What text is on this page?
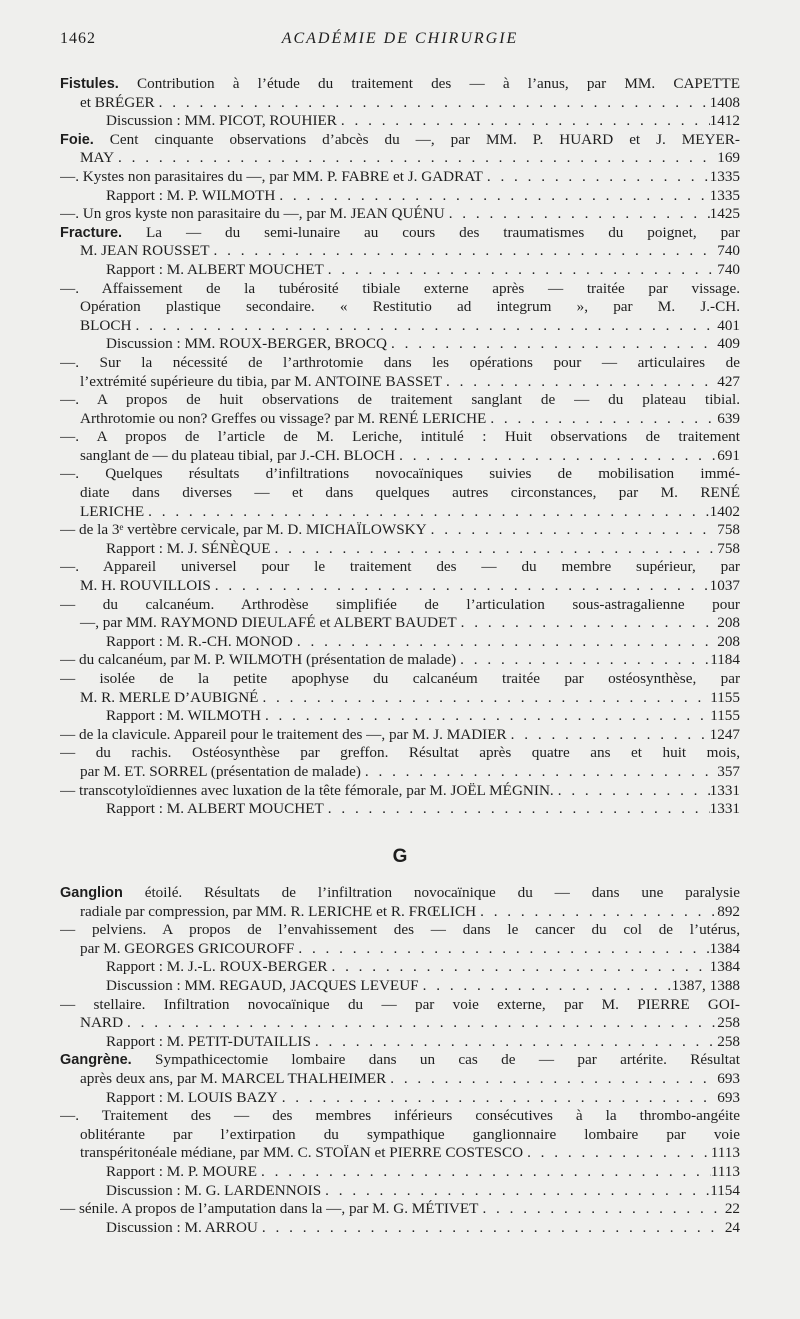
1462	ACADÉMIE DE CHIRURGIE
Fistules. Contribution à l’étude du traitement des — à l’anus, par MM. CAPETTE
et BRÉGER . . .	1408
Discussion : MM. PICOT, ROUHIER . . .	1412
Foie. Cent cinquante observations d’abcès du —, par MM. P. HUARD et J. MEYER-
MAY . . .	169
—. Kystes non parasitaires du —, par MM. P. FABRE et J. GADRAT . . .	1335
Rapport : M. P. WILMOTH . . .	1335
—. Un gros kyste non parasitaire du —, par M. JEAN QUÉNU . . .	1425
Fracture. La — du semi-lunaire au cours des traumatismes du poignet, par
M. JEAN ROUSSET . . .	740
Rapport : M. ALBERT MOUCHET . . .	740
—. Affaissement de la tubérosité tibiale externe après — traitée par vissage.
Opération plastique secondaire. « Restitutio ad integrum », par M. J.-CH.
BLOCH . . .	401
Discussion : MM. ROUX-BERGER, BROCQ . . .	409
—. Sur la nécessité de l’arthrotomie dans les opérations pour — articulaires de
l’extrémité supérieure du tibia, par M. ANTOINE BASSET . . .	427
—. A propos de huit observations de traitement sanglant de — du plateau tibial.
Arthrotomie ou non? Greffes ou vissage? par M. RENÉ LERICHE . . .	639
—. A propos de l’article de M. Leriche, intitulé : Huit observations de traitement
sanglant de — du plateau tibial, par J.-CH. BLOCH . . .	691
—. Quelques résultats d’infiltrations novocaïniques suivies de mobilisation immé-
diate dans diverses — et dans quelques autres circonstances, par M. RENÉ
LERICHE . . .	1402
— de la 3ᵉ vertèbre cervicale, par M. D. MICHAÏLOWSKY . . .	758
Rapport : M. J. SÉNÈQUE . . .	758
—. Appareil universel pour le traitement des — du membre supérieur, par
M. H. ROUVILLOIS . . .	1037
— du calcanéum. Arthrodèse simplifiée de l’articulation sous-astragalienne pour
—, par MM. RAYMOND DIEULAFÉ et ALBERT BAUDET . . .	208
Rapport : M. R.-CH. MONOD . . .	208
— du calcanéum, par M. P. WILMOTH (présentation de malade) . . .	1184
— isolée de la petite apophyse du calcanéum traitée par ostéosynthèse, par
M. R. MERLE D’AUBIGNÉ . . .	1155
Rapport : M. WILMOTH . . .	1155
— de la clavicule. Appareil pour le traitement des —, par M. J. MADIER . . .	1247
— du rachis. Ostéosynthèse par greffon. Résultat après quatre ans et huit mois,
par M. ET. SORREL (présentation de malade) . . .	357
— transcotyloïdiennes avec luxation de la tête fémorale, par M. JOËL MÉGNIN. . . .	1331
Rapport : M. ALBERT MOUCHET . . .	1331
G
Ganglion étoilé. Résultats de l’infiltration novocaïnique du — dans une paralysie
radiale par compression, par MM. R. LERICHE et R. FRŒLICH . . .	892
— pelviens. A propos de l’envahissement des — dans le cancer du col de l’utérus,
par M. GEORGES GRICOUROFF . . .	1384
Rapport : M. J.-L. ROUX-BERGER . . .	1384
Discussion : MM. REGAUD, JACQUES LEVEUF . . .	1387, 1388
— stellaire. Infiltration novocaïnique du — par voie externe, par M. PIERRE GOI-
NARD . . .	258
Rapport : M. PETIT-DUTAILLIS . . .	258
Gangrène. Sympathicectomie lombaire dans un cas de — par artérite. Résultat
après deux ans, par M. MARCEL THALHEIMER . . .	693
Rapport : M. LOUIS BAZY . . .	693
—. Traitement des — des membres inférieurs consécutives à la thrombo-angéite
oblitérante par l’extirpation du sympathique ganglionnaire lombaire par voie
transpéritonéale médiane, par MM. C. STOÏAN et PIERRE COSTESCO . . .	1113
Rapport : M. P. MOURE . . .	1113
Discussion : M. G. LARDENNOIS . . .	1154
— sénile. A propos de l’amputation dans la —, par M. G. MÉTIVET . . .	22
Discussion : M. ARROU . . .	24
